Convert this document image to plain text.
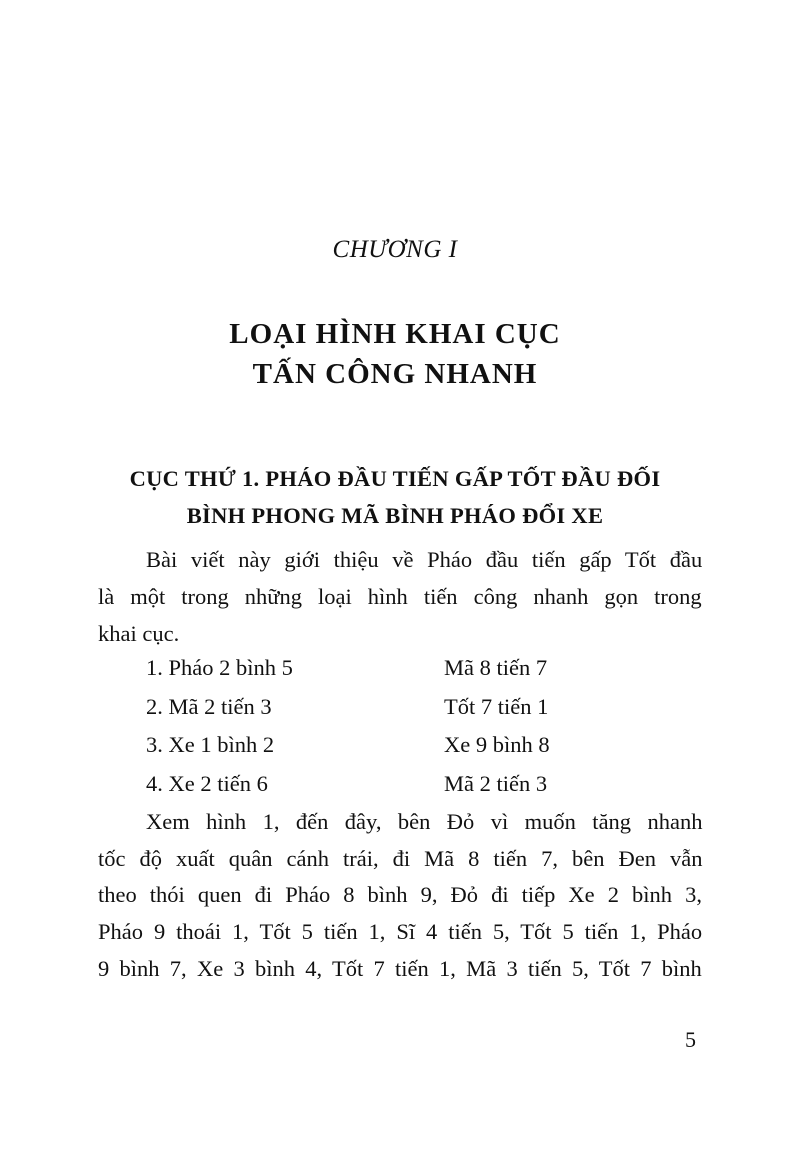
CHƯƠNG I
LOẠI HÌNH KHAI CỤC
TẤN CÔNG NHANH
CỤC THỨ 1. PHÁO ĐẦU TIẾN GẤP TỐT ĐẦU ĐỐI
BÌNH PHONG MÃ BÌNH PHÁO ĐỔI XE
Bài viết này giới thiệu về Pháo đầu tiến gấp Tốt đầu
là một trong những loại hình tiến công nhanh gọn trong
khai cục.
1. Pháo 2 bình 5	Mã 8 tiến 7
2. Mã 2 tiến 3	Tốt 7 tiến 1
3. Xe 1 bình 2	Xe 9 bình 8
4. Xe 2 tiến 6	Mã 2 tiến 3
Xem hình 1, đến đây, bên Đỏ vì muốn tăng nhanh
tốc độ xuất quân cánh trái, đi Mã 8 tiến 7, bên Đen vẫn
theo thói quen đi Pháo 8 bình 9, Đỏ đi tiếp Xe 2 bình 3,
Pháo 9 thoái 1, Tốt 5 tiến 1, Sĩ 4 tiến 5, Tốt 5 tiến 1, Pháo
9 bình 7, Xe 3 bình 4, Tốt 7 tiến 1, Mã 3 tiến 5, Tốt 7 bình
5
